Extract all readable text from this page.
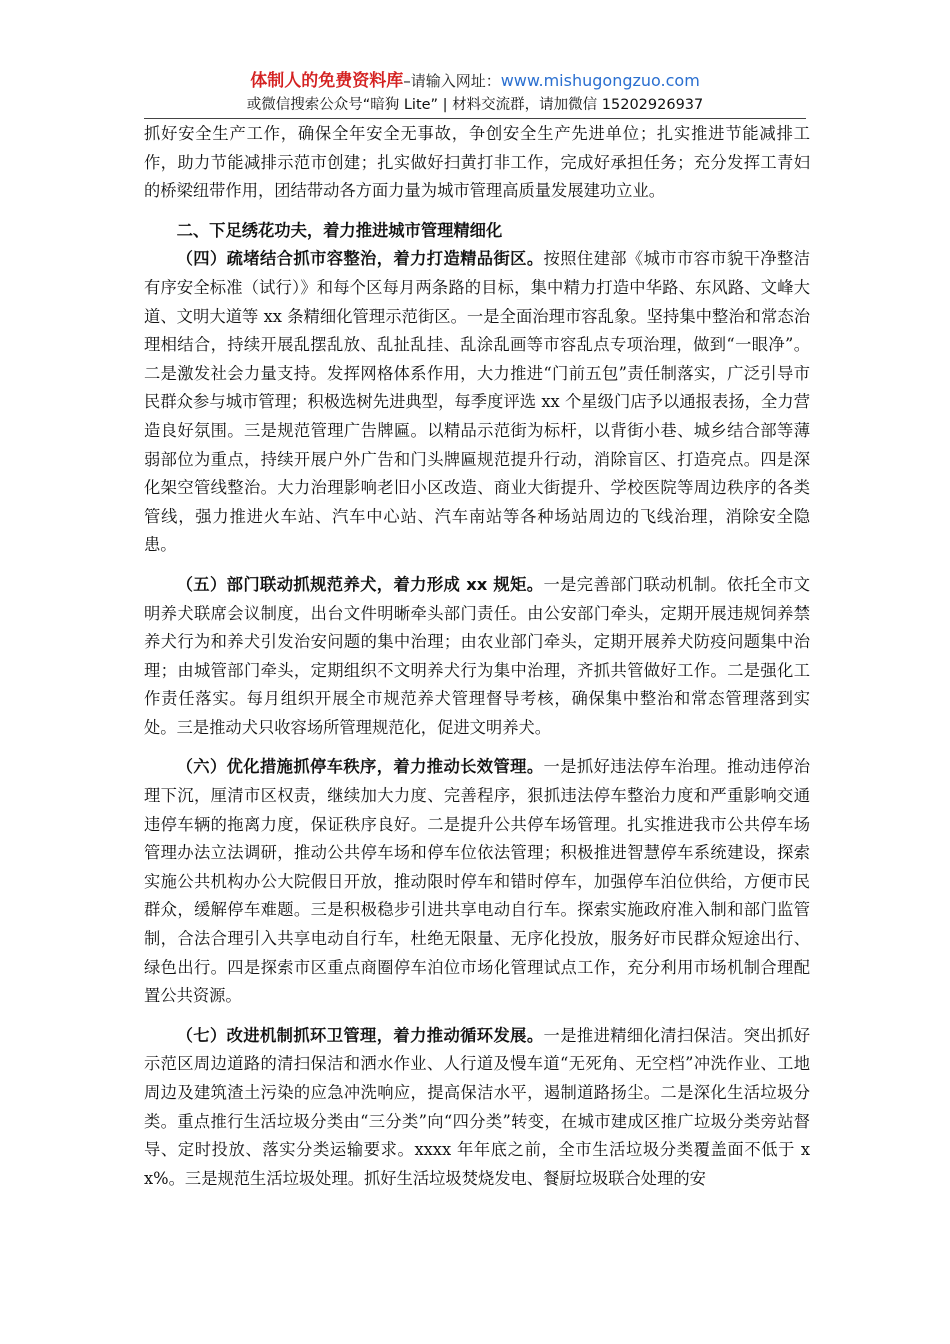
体制人的免费资料库–请输入网址：www.mishugongzuo.com
或微信搜索公众号“暗狗 Lite” | 材料交流群，请加微信 15202926937

抓好安全生产工作，确保全年安全无事故，争创安全生产先进单位；扎实推进节能减排工作，助力节能减排示范市创建；扎实做好扫黄打非工作，完成好承担任务；充分发挥工青妇的桥梁纽带作用，团结带动各方面力量为城市管理高质量发展建功立业。

二、下足绣花功夫，着力推进城市管理精细化

（四）疏堵结合抓市容整治，着力打造精品街区。按照住建部《城市市容市貌干净整洁有序安全标准（试行）》和每个区每月两条路的目标，集中精力打造中华路、东风路、文峰大道、文明大道等 xx 条精细化管理示范街区。一是全面治理市容乱象。坚持集中整治和常态治理相结合，持续开展乱摆乱放、乱扯乱挂、乱涂乱画等市容乱点专项治理，做到“一眼净”。二是激发社会力量支持。发挥网格体系作用，大力推进“门前五包”责任制落实，广泛引导市民群众参与城市管理；积极选树先进典型，每季度评选 xx 个星级门店予以通报表扬，全力营造良好氛围。三是规范管理广告牌匾。以精品示范街为标杆，以背街小巷、城乡结合部等薄弱部位为重点，持续开展户外广告和门头牌匾规范提升行动，消除盲区、打造亮点。四是深化架空管线整治。大力治理影响老旧小区改造、商业大街提升、学校医院等周边秩序的各类管线，强力推进火车站、汽车中心站、汽车南站等各种场站周边的飞线治理，消除安全隐患。

（五）部门联动抓规范养犬，着力形成 xx 规矩。一是完善部门联动机制。依托全市文明养犬联席会议制度，出台文件明晰牵头部门责任。由公安部门牵头，定期开展违规饲养禁养犬行为和养犬引发治安问题的集中治理；由农业部门牵头，定期开展养犬防疫问题集中治理；由城管部门牵头，定期组织不文明养犬行为集中治理，齐抓共管做好工作。二是强化工作责任落实。每月组织开展全市规范养犬管理督导考核，确保集中整治和常态管理落到实处。三是推动犬只收容场所管理规范化，促进文明养犬。

（六）优化措施抓停车秩序，着力推动长效管理。一是抓好违法停车治理。推动违停治理下沉，厘清市区权责，继续加大力度、完善程序，狠抓违法停车整治力度和严重影响交通违停车辆的拖离力度，保证秩序良好。二是提升公共停车场管理。扎实推进我市公共停车场管理办法立法调研，推动公共停车场和停车位依法管理；积极推进智慧停车系统建设，探索实施公共机构办公大院假日开放，推动限时停车和错时停车，加强停车泊位供给，方便市民群众，缓解停车难题。三是积极稳步引进共享电动自行车。探索实施政府准入制和部门监管制，合法合理引入共享电动自行车，杜绝无限量、无序化投放，服务好市民群众短途出行、绿色出行。四是探索市区重点商圈停车泊位市场化管理试点工作，充分利用市场机制合理配置公共资源。

（七）改进机制抓环卫管理，着力推动循环发展。一是推进精细化清扫保洁。突出抓好示范区周边道路的清扫保洁和洒水作业、人行道及慢车道“无死角、无空档”冲洗作业、工地周边及建筑渣土污染的应急冲洗响应，提高保洁水平，遏制道路扬尘。二是深化生活垃圾分类。重点推行生活垃圾分类由“三分类”向“四分类”转变，在城市建成区推广垃圾分类旁站督导、定时投放、落实分类运输要求。xxxx 年年底之前，全市生活垃圾分类覆盖面不低于 xx%。三是规范生活垃圾处理。抓好生活垃圾焚烧发电、餐厨垃圾联合处理的安
